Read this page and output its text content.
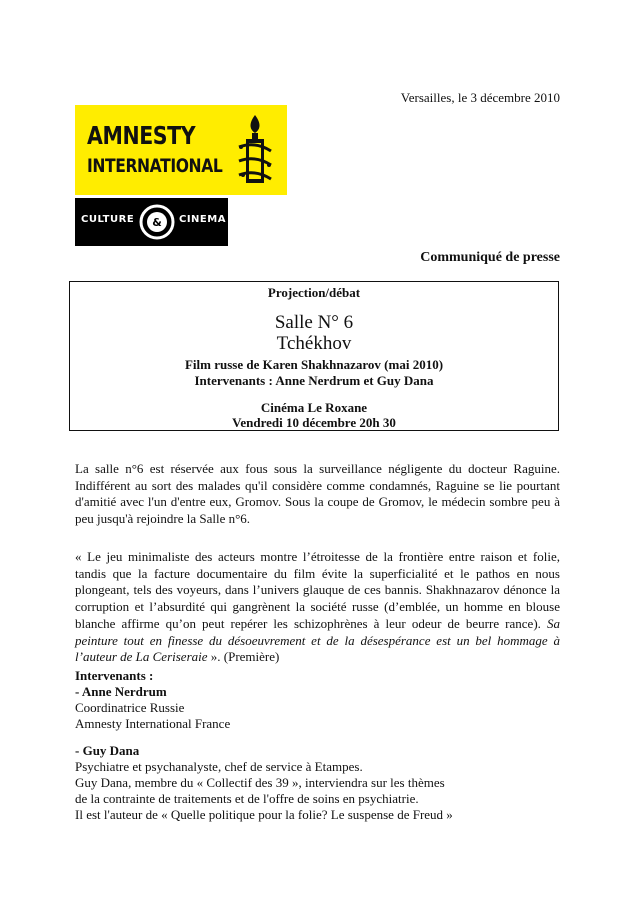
Versailles, le 3 décembre 2010
AMNESTY
INTERNATIONAL
CULTURE & CINEMA
Communiqué de presse
Projection/débat
Salle N° 6
Tchékhov
Film russe de Karen Shakhnazarov (mai 2010)
Intervenants : Anne Nerdrum et Guy Dana
Cinéma Le Roxane
Vendredi 10 décembre 20h 30
La salle n°6 est réservée aux fous sous la surveillance négligente du docteur Raguine. Indifférent au sort des malades qu'il considère comme condamnés, Raguine se lie pourtant d'amitié avec l'un d'entre eux, Gromov. Sous la coupe de Gromov, le médecin sombre peu à peu jusqu'à rejoindre la Salle n°6.
« Le jeu minimaliste des acteurs montre l’étroitesse de la frontière entre raison et folie, tandis que la facture documentaire du film évite la superficialité et le pathos en nous plongeant, tels des voyeurs, dans l’univers glauque de ces bannis. Shakhnazarov dénonce la corruption et l’absurdité qui gangrènent la société russe (d’emblée, un homme en blouse blanche affirme qu’on peut repérer les schizophrènes à leur odeur de beurre rance). Sa peinture tout en finesse du désoeuvrement et de la désespérance est un bel hommage à l’auteur de La Ceriseraie ». (Première)
Intervenants :
- Anne Nerdrum
Coordinatrice Russie
Amnesty International France
- Guy Dana
Psychiatre et psychanalyste, chef de service à Etampes.
Guy Dana, membre du « Collectif des 39 », interviendra sur les thèmes
de la contrainte de traitements et de l'offre de soins en psychiatrie.
Il est l'auteur de « Quelle politique pour la folie? Le suspense de Freud »
